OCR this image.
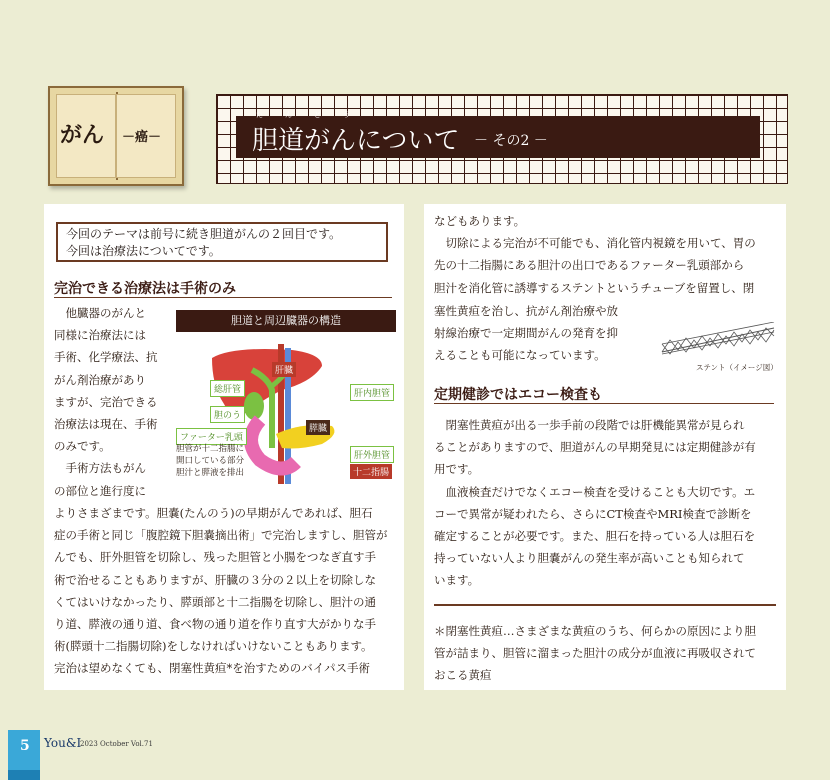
がん －癌－
たんどう
胆道がんについて － その2 －
今回のテーマは前号に続き胆道がんの２回目です。
今回は治療法についてです。
完治できる治療法は手術のみ
　他臓器のがんと
同様に治療法には
手術、化学療法、抗
がん剤治療があり
ますが、完治できる
治療法は現在、手術
のみです。
　手術方法もがん
の部位と進行度に
よりさまざまです。胆嚢(たんのう)の早期がんであれば、胆石
症の手術と同じ「腹腔鏡下胆嚢摘出術」で完治しますし、胆管が
んでも、肝外胆管を切除し、残った胆管と小腸をつなぎ直す手
術で治せることもありますが、肝臓の３分の２以上を切除しな
くてはいけなかったり、膵頭部と十二指腸を切除し、胆汁の通
り道、膵液の通り道、食べ物の通り道を作り直す大がかりな手
術(膵頭十二指腸切除)をしなければいけないこともあります。
完治は望めなくても、閉塞性黄疸*を治すためのバイパス手術
胆道と周辺臓器の構造
肝臓
総肝管	肝内胆管
胆のう
膵臓
ファーター乳頭
肝外胆管
十二指腸
胆管が十二指腸に
開口している部分
胆汁と膵液を排出
などもあります。
　切除による完治が不可能でも、消化管内視鏡を用いて、胃の
先の十二指腸にある胆汁の出口であるファーター乳頭部から
胆汁を消化管に誘導するステントというチューブを留置し、閉
塞性黄疸を治し、抗がん剤治療や放
射線治療で一定期間がんの発育を抑
えることも可能になっています。
ステント（イメージ図）
定期健診ではエコー検査も
　閉塞性黄疸が出る一歩手前の段階では肝機能異常が見られ
ることがありますので、胆道がんの早期発見には定期健診が有
用です。
　血液検査だけでなくエコー検査を受けることも大切です。エ
コーで異常が疑われたら、さらにCT検査やMRI検査で診断を
確定することが必要です。また、胆石を持っている人は胆石を
持っていない人より胆嚢がんの発生率が高いことも知られて
います。
＊閉塞性黄疸…さまざまな黄疸のうち、何らかの原因により胆
管が詰まり、胆管に溜まった胆汁の成分が血液に再吸収されて
おこる黄疸
5	You&I
2023 October Vol.71
